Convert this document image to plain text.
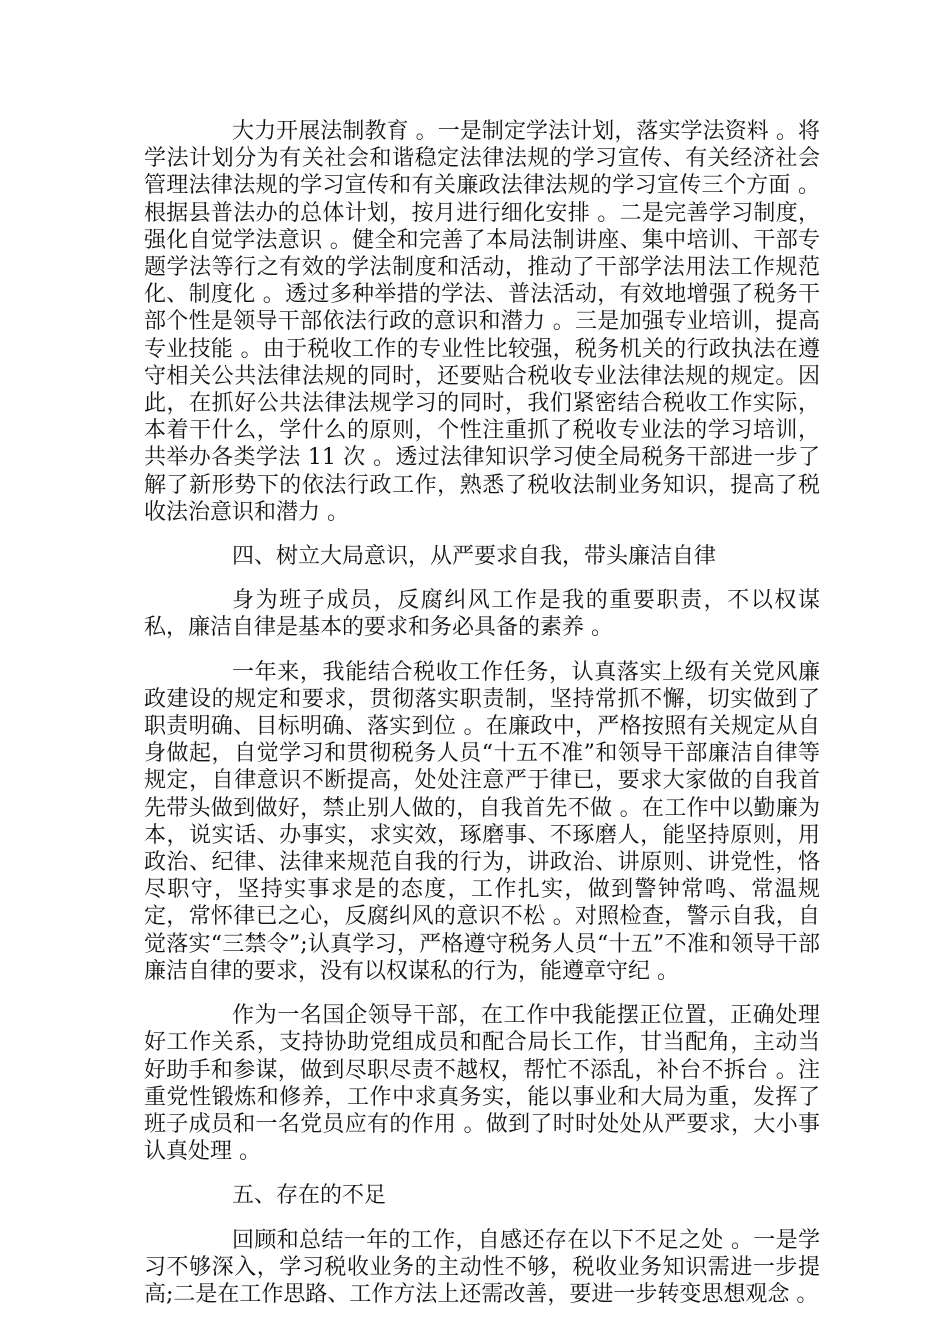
大力开展法制教育 。一是制定学法计划，落实学法资料 。将学法计划分为有关社会和谐稳定法律法规的学习宣传、有关经济社会管理法律法规的学习宣传和有关廉政法律法规的学习宣传三个方面 。根据县普法办的总体计划，按月进行细化安排 。二是完善学习制度，强化自觉学法意识 。健全和完善了本局法制讲座、集中培训、干部专题学法等行之有效的学法制度和活动，推动了干部学法用法工作规范化、制度化 。透过多种举措的学法、普法活动，有效地增强了税务干部个性是领导干部依法行政的意识和潜力 。三是加强专业培训，提高专业技能 。由于税收工作的专业性比较强，税务机关的行政执法在遵守相关公共法律法规的同时，还要贴合税收专业法律法规的规定。因此，在抓好公共法律法规学习的同时，我们紧密结合税收工作实际，本着干什么，学什么的原则，个性注重抓了税收专业法的学习培训，共举办各类学法 11 次 。透过法律知识学习使全局税务干部进一步了解了新形势下的依法行政工作，熟悉了税收法制业务知识，提高了税收法治意识和潜力 。

四、树立大局意识，从严要求自我，带头廉洁自律

身为班子成员，反腐纠风工作是我的重要职责，不以权谋私，廉洁自律是基本的要求和务必具备的素养 。

一年来，我能结合税收工作任务，认真落实上级有关党风廉政建设的规定和要求，贯彻落实职责制，坚持常抓不懈，切实做到了职责明确、目标明确、落实到位 。在廉政中，严格按照有关规定从自身做起，自觉学习和贯彻税务人员“十五不准”和领导干部廉洁自律等规定，自律意识不断提高，处处注意严于律已，要求大家做的自我首先带头做到做好，禁止别人做的，自我首先不做 。在工作中以勤廉为本，说实话、办事实，求实效，琢磨事、不琢磨人，能坚持原则，用政治、纪律、法律来规范自我的行为，讲政治、讲原则、讲党性，恪尽职守，坚持实事求是的态度，工作扎实，做到警钟常鸣、常温规定，常怀律已之心，反腐纠风的意识不松 。对照检查，警示自我，自觉落实“三禁令”;认真学习，严格遵守税务人员“十五”不准和领导干部廉洁自律的要求，没有以权谋私的行为，能遵章守纪 。

作为一名国企领导干部，在工作中我能摆正位置，正确处理好工作关系，支持协助党组成员和配合局长工作，甘当配角，主动当好助手和参谋，做到尽职尽责不越权，帮忙不添乱，补台不拆台 。注重党性锻炼和修养，工作中求真务实，能以事业和大局为重，发挥了班子成员和一名党员应有的作用 。做到了时时处处从严要求，大小事认真处理 。

五、存在的不足

回顾和总结一年的工作，自感还存在以下不足之处 。一是学习不够深入，学习税收业务的主动性不够，税收业务知识需进一步提高;二是在工作思路、工作方法上还需改善，要进一步转变思想观念 。
